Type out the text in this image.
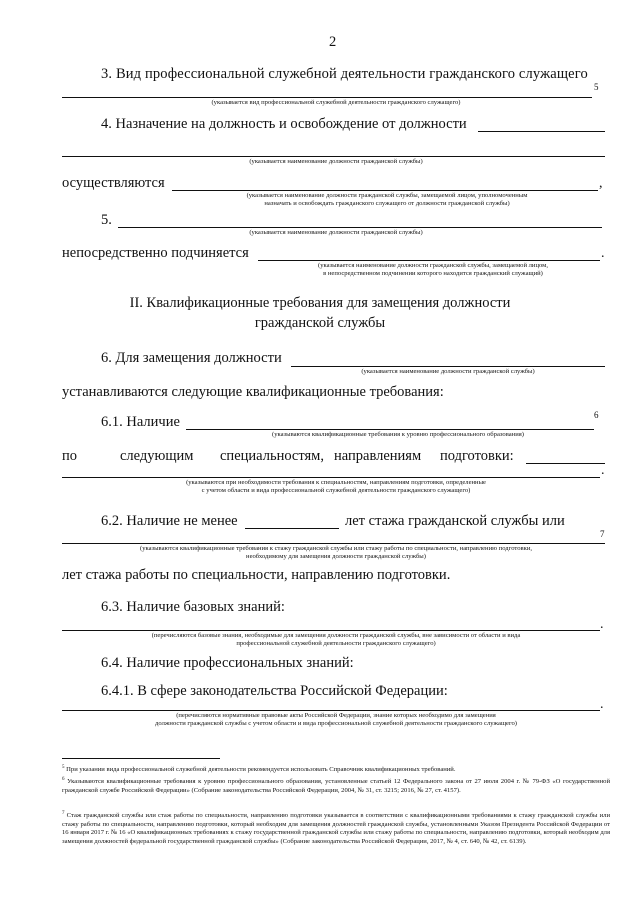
2
3. Вид профессиональной служебной деятельности гражданского служащего
5
(указывается вид профессиональной служебной деятельности гражданского служащего)
4. Назначение на должность и освобождение от должности
(указывается наименование должности гражданской службы)
осуществляются	,
(указывается наименование должности гражданской службы, замещаемой лицом, уполномоченным
назначать и освобождать гражданского служащего от должности гражданской службы)
5.
(указывается наименование должности гражданской службы)
непосредственно подчиняется	.
(указывается наименование должности гражданской службы, замещаемой лицом,
в непосредственном подчинении которого находится гражданский служащий)
II. Квалификационные требования для замещения должности
гражданской службы
6. Для замещения должности
(указывается наименование должности гражданской службы)
устанавливаются следующие квалификационные требования:
6.1. Наличие	6
(указываются квалификационные требования к уровню профессионального образования)
по	следующим специальностям, направлениям подготовки:
.
(указываются при необходимости требования к специальностям, направлениям подготовки, определенные
с учетом области и вида профессиональной служебной деятельности гражданского служащего)
6.2. Наличие не менее	лет стажа гражданской службы или
7
(указываются квалификационные требования к стажу гражданской службы или стажу работы по специальности, направлению подготовки,
необходимому для замещения должности гражданской службы)
лет стажа работы по специальности, направлению подготовки.
6.3. Наличие базовых знаний:
.
(перечисляются базовые знания, необходимые для замещения должности гражданской службы, вне зависимости от области и вида
профессиональной служебной деятельности гражданского служащего)
6.4. Наличие профессиональных знаний:
6.4.1. В сфере законодательства Российской Федерации:
.
(перечисляются нормативные правовые акты Российской Федерации, знание которых необходимо для замещения
должности гражданской службы с учетом области и вида профессиональной служебной деятельности гражданского служащего)
$^5$ При указании вида профессиональной служебной деятельности рекомендуется использовать Справочник квалификационных требований.
$^6$ Указываются квалификационные требования к уровню профессионального образования, установленные статьей 12 Федерального закона от 27 июля 2004 г. № 79-ФЗ «О государственной гражданской службе Российской Федерации» (Собрание законодательства Российской Федерации, 2004, № 31, ст. 3215; 2016, № 27, ст. 4157).
$^7$ Стаж гражданской службы или стаж работы по специальности, направлению подготовки указывается в соответствии с квалификационными требованиями к стажу гражданской службы или стажу работы по специальности, направлению подготовки, который необходим для замещения должностей гражданской службы, установленными Указом Президента Российской Федерации от 16 января 2017 г. № 16 «О квалификационных требованиях к стажу государственной гражданской службы или стажу работы по специальности, направлению подготовки, который необходим для замещения должностей федеральной государственной гражданской службы» (Собрание законодательства Российской Федерации, 2017, № 4, ст. 640, № 42, ст. 6139).
